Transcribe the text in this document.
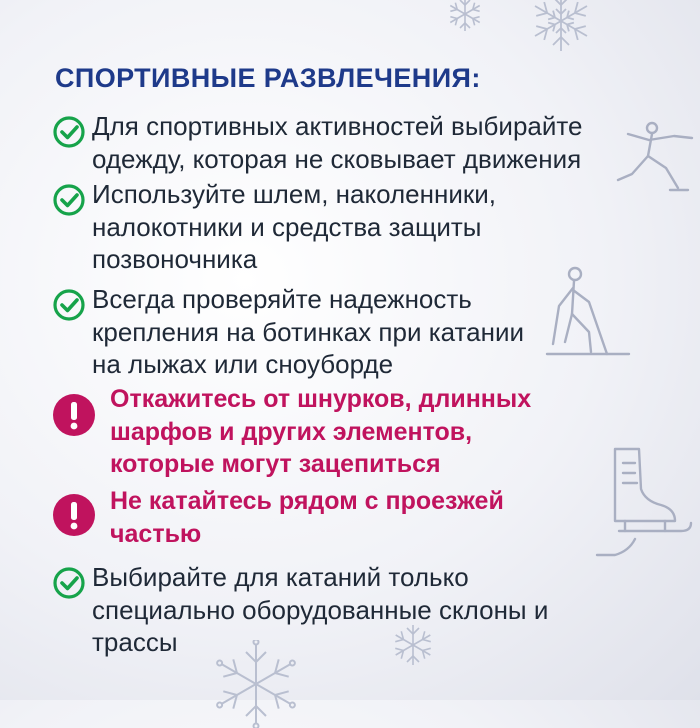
СПОРТИВНЫЕ РАЗВЛЕЧЕНИЯ:

Для спортивных активностей выбирайте
одежду, которая не сковывает движения

Используйте шлем, наколенники,
налокотники и средства защиты
позвоночника

Всегда проверяйте надежность
крепления на ботинках при катании
на лыжах или сноуборде

Откажитесь от шнурков, длинных
шарфов и других элементов,
которые могут зацепиться

Не катайтесь рядом с проезжей
частью

Выбирайте для катаний только
специально оборудованные склоны и
трассы
